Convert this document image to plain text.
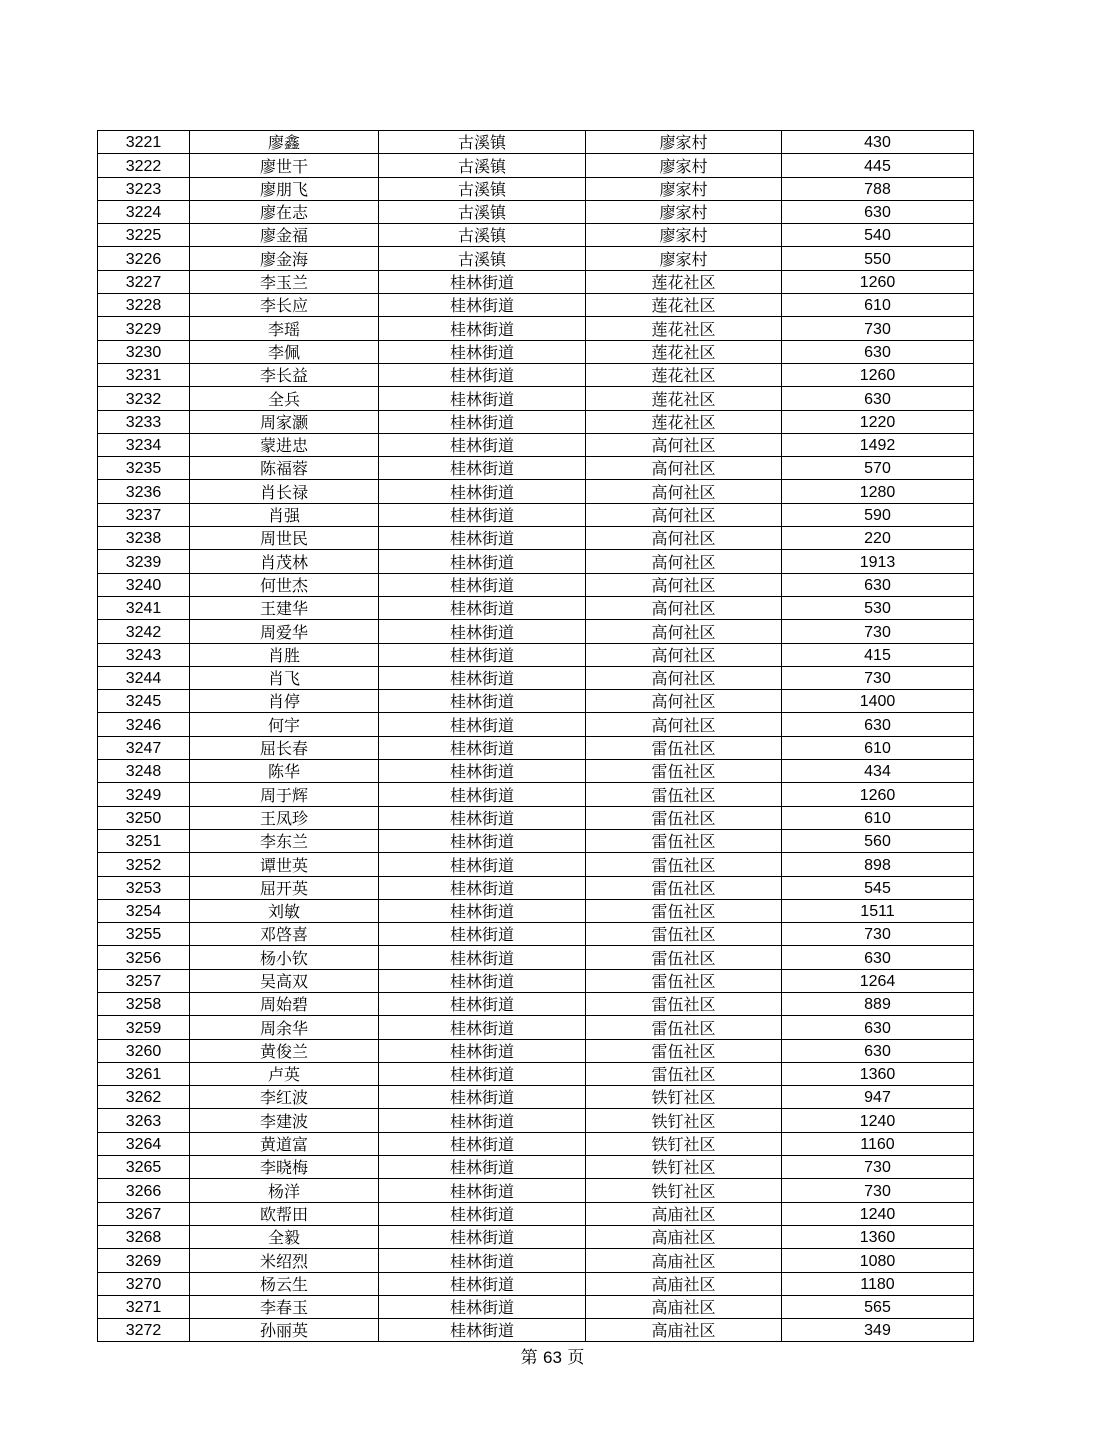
3221	廖鑫	古溪镇	廖家村	430
3222	廖世干	古溪镇	廖家村	445
3223	廖朋飞	古溪镇	廖家村	788
3224	廖在志	古溪镇	廖家村	630
3225	廖金福	古溪镇	廖家村	540
3226	廖金海	古溪镇	廖家村	550
3227	李玉兰	桂林街道	莲花社区	1260
3228	李长应	桂林街道	莲花社区	610
3229	李瑶	桂林街道	莲花社区	730
3230	李佩	桂林街道	莲花社区	630
3231	李长益	桂林街道	莲花社区	1260
3232	全兵	桂林街道	莲花社区	630
3233	周家灏	桂林街道	莲花社区	1220
3234	蒙进忠	桂林街道	高何社区	1492
3235	陈福蓉	桂林街道	高何社区	570
3236	肖长禄	桂林街道	高何社区	1280
3237	肖强	桂林街道	高何社区	590
3238	周世民	桂林街道	高何社区	220
3239	肖茂林	桂林街道	高何社区	1913
3240	何世杰	桂林街道	高何社区	630
3241	王建华	桂林街道	高何社区	530
3242	周爱华	桂林街道	高何社区	730
3243	肖胜	桂林街道	高何社区	415
3244	肖飞	桂林街道	高何社区	730
3245	肖停	桂林街道	高何社区	1400
3246	何宇	桂林街道	高何社区	630
3247	屈长春	桂林街道	雷伍社区	610
3248	陈华	桂林街道	雷伍社区	434
3249	周于辉	桂林街道	雷伍社区	1260
3250	王凤珍	桂林街道	雷伍社区	610
3251	李东兰	桂林街道	雷伍社区	560
3252	谭世英	桂林街道	雷伍社区	898
3253	屈开英	桂林街道	雷伍社区	545
3254	刘敏	桂林街道	雷伍社区	1511
3255	邓啓喜	桂林街道	雷伍社区	730
3256	杨小钦	桂林街道	雷伍社区	630
3257	吴高双	桂林街道	雷伍社区	1264
3258	周始碧	桂林街道	雷伍社区	889
3259	周余华	桂林街道	雷伍社区	630
3260	黄俊兰	桂林街道	雷伍社区	630
3261	卢英	桂林街道	雷伍社区	1360
3262	李红波	桂林街道	铁钉社区	947
3263	李建波	桂林街道	铁钉社区	1240
3264	黄道富	桂林街道	铁钉社区	1160
3265	李晓梅	桂林街道	铁钉社区	730
3266	杨洋	桂林街道	铁钉社区	730
3267	欧帮田	桂林街道	高庙社区	1240
3268	全毅	桂林街道	高庙社区	1360
3269	米绍烈	桂林街道	高庙社区	1080
3270	杨云生	桂林街道	高庙社区	1180
3271	李春玉	桂林街道	高庙社区	565
3272	孙丽英	桂林街道	高庙社区	349
第 63 页
